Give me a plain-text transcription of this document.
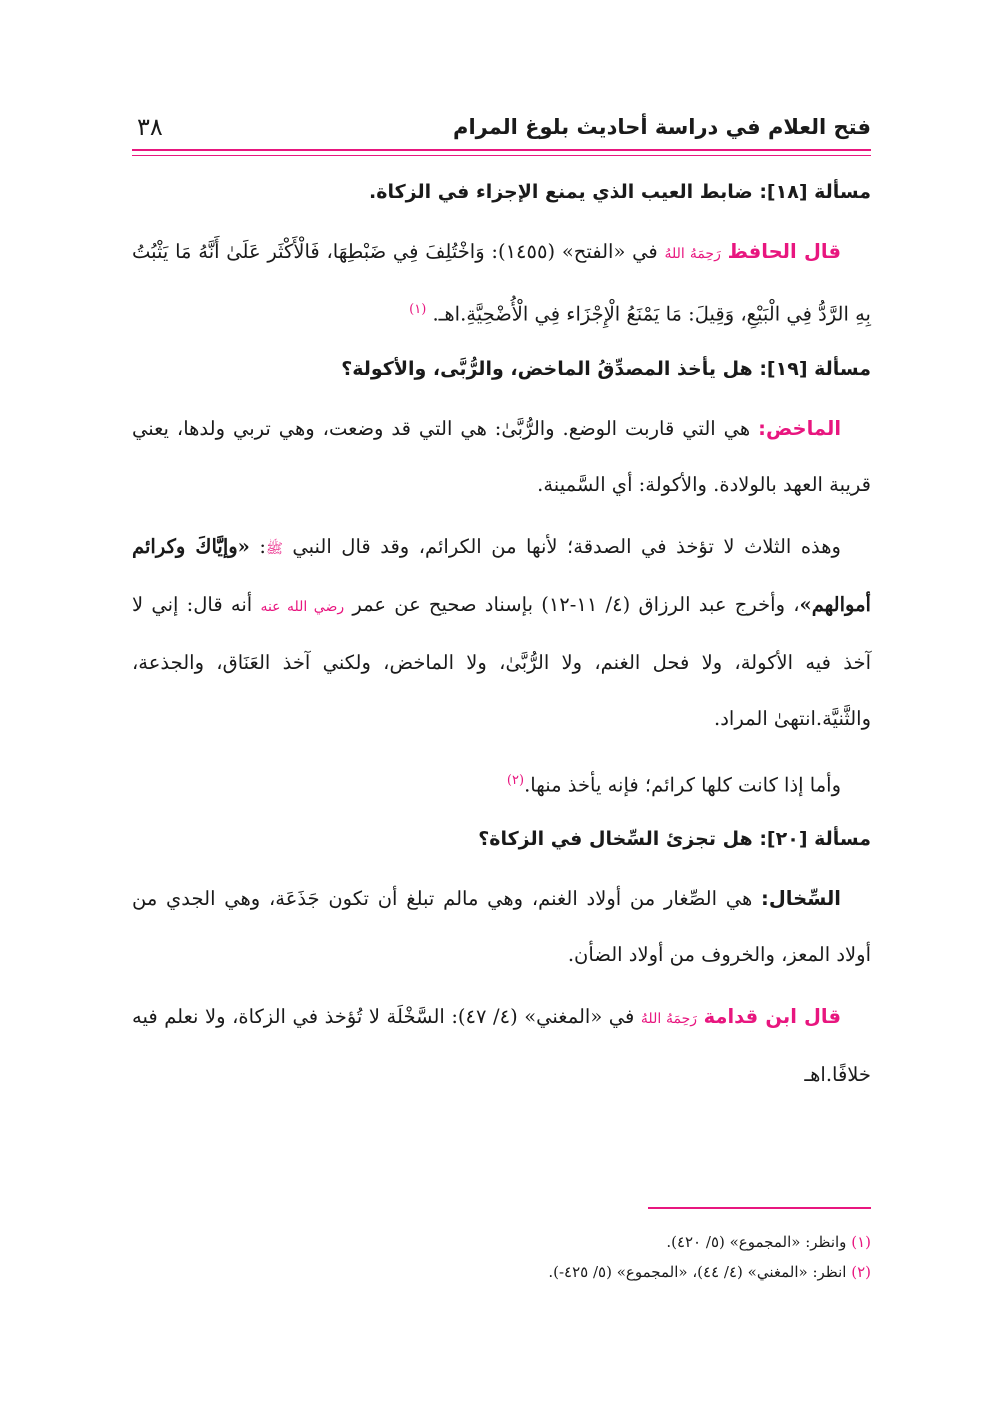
فتح العلام في دراسة أحاديث بلوغ المرام
٣٨
مسألة [١٨]: ضابط العيب الذي يمنع الإجزاء في الزكاة.

قال الحافظ رَحِمَهُ اللهُ في «الفتح» (١٤٥٥): وَاخْتُلِفَ فِي ضَبْطِهَا، فَالْأَكْثَر عَلَىٰ أَنَّهُ مَا يَثْبُتُ بِهِ الرَّدُّ فِي الْبَيْعِ، وَقِيلَ: مَا يَمْنَعُ الْإِجْزَاء فِي الْأُضْحِيَّةِ.اهـ. $^{(١)}$

مسألة [١٩]: هل يأخذ المصدِّقُ الماخض، والرُّبَّى، والأكولة؟

الماخض: هي التي قاربت الوضع. والرُّبَّىٰ: هي التي قد وضعت، وهي تربي ولدها، يعني قريبة العهد بالولادة. والأكولة: أي السَّمينة.

وهذه الثلاث لا تؤخذ في الصدقة؛ لأنها من الكرائم، وقد قال النبي ﷺ: «وإيَّاكَ وكرائم أموالهم»، وأخرج عبد الرزاق (٤/ ١١-١٢) بإسناد صحيح عن عمر رضي الله عنه أنه قال: إني لا آخذ فيه الأكولة، ولا فحل الغنم، ولا الرُّبَّىٰ، ولا الماخض، ولكني آخذ العَنَاق، والجذعة، والثَّنيَّة.انتهىٰ المراد.

وأما إذا كانت كلها كرائم؛ فإنه يأخذ منها.$^{(٢)}$

مسألة [٢٠]: هل تجزئ السِّخال في الزكاة؟

السِّخال: هي الصِّغار من أولاد الغنم، وهي مالم تبلغ أن تكون جَذَعَة، وهي الجدي من أولاد المعز، والخروف من أولاد الضأن.

قال ابن قدامة رَحِمَهُ اللهُ في «المغني» (٤/ ٤٧): السَّخْلَة لا تُؤخذ في الزكاة، ولا نعلم فيه خلافًا.اهـ

(١) وانظر: «المجموع» (٥/ ٤٢٠).
(٢) انظر: «المغني» (٤/ ٤٤)، «المجموع» (٥/ ٤٢٥-).
